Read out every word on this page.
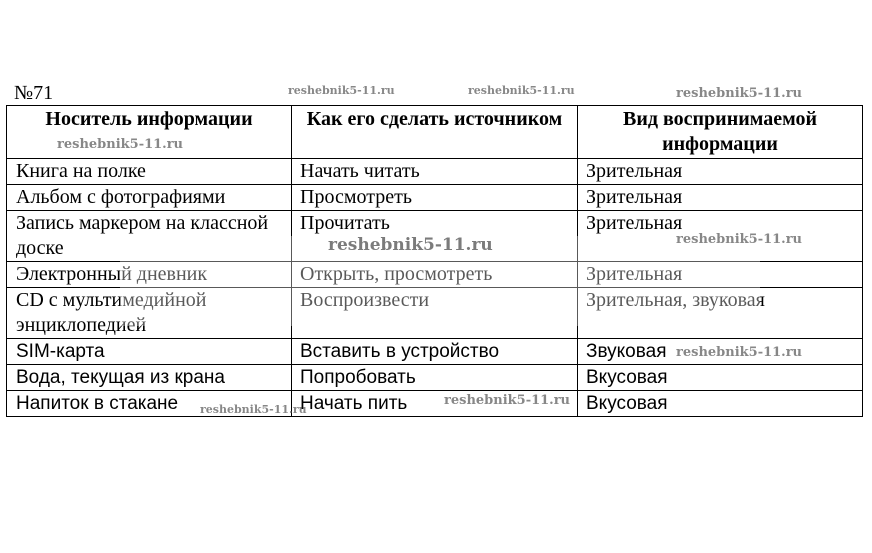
№71
Носитель информации	Как его сделать источником	Вид воспринимаемой информации

Книга на полке	Начать читать	Зрительная
Альбом с фотографиями	Просмотреть	Зрительная
Запись маркером на классной доске	Прочитать	Зрительная
Электронный дневник	Открыть, просмотреть	Зрительная
CD с мультимедийной энциклопедией	Воспроизвести	Зрительная, звуковая
SIM-карта	Вставить в устройство	Звуковая
Вода, текущая из крана	Попробовать	Вкусовая
Напиток в стакане	Начать пить	Вкусовая
reshebnik5-11.ru	reshebnik5-11.ru	reshebnik5-11.ru
reshebnik5-11.ru
reshebnik5-11.ru	reshebnik5-11.ru
reshebnik5-11.ru
reshebnik5-11.ru
reshebnik5-11.ru
